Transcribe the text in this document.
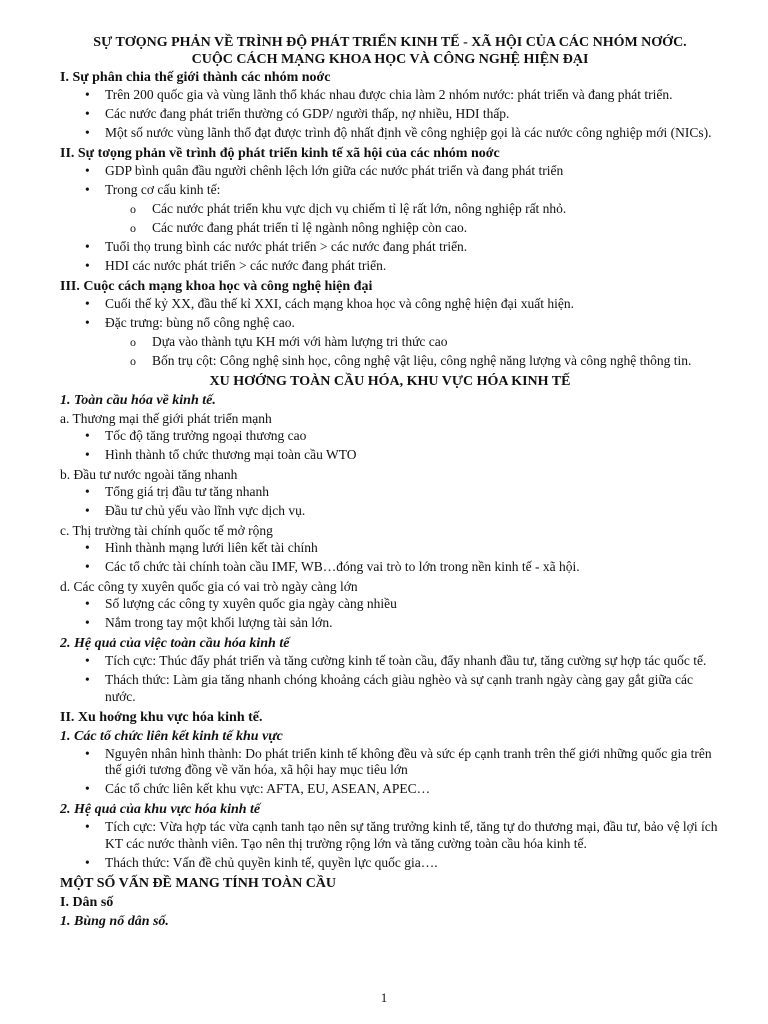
SỰ TƠỌNG PHẢN VỀ TRÌNH ĐỘ PHÁT TRIỂN KINH TẾ - XÃ HỘI CỦA CÁC NHÓM NƠỚC.

CUỘC CÁCH MẠNG KHOA HỌC VÀ CÔNG NGHỆ HIỆN ĐẠI

I. Sự phân chia thế giới thành các nhóm noớc

• Trên 200 quốc gia và vùng lãnh thổ khác nhau được chia làm 2 nhóm nước: phát triển và đang phát triển.
• Các nước đang phát triển thường có GDP/ người thấp, nợ nhiều, HDI thấp.
• Một số nước vùng lãnh thổ đạt được trình độ nhất định về công nghiệp gọi là các nước công nghiệp mới (NICs).

II. Sự tơọng phản về trình độ phát triển kinh tế xã hội của các nhóm noớc

• GDP bình quân đầu người chênh lệch lớn giữa các nước phát triển và đang phát triển
• Trong cơ cấu kinh tế:
o Các nước phát triển khu vực dịch vụ chiếm tỉ lệ rất lớn, nông nghiệp rất nhỏ.
o Các nước đang phát triển tỉ lệ ngành nông nghiệp còn cao.
• Tuổi thọ trung bình các nước phát triển > các nước đang phát triển.
• HDI các nước phát triển > các nước đang phát triển.

III. Cuộc cách mạng khoa học và công nghệ hiện đại

• Cuối thế kỷ XX, đầu thế kỉ XXI, cách mạng khoa học và công nghệ hiện đại xuất hiện.
• Đặc trưng: bùng nổ công nghệ cao.
o Dựa vào thành tựu KH mới với hàm lượng tri thức cao
o Bốn trụ cột: Công nghệ sinh học, công nghệ vật liệu, công nghệ năng lượng và công nghệ thông tin.

XU HƠỚNG TOÀN CẦU HÓA, KHU VỰC HÓA KINH TẾ

1. Toàn cầu hóa về kinh tế.

a. Thương mại thế giới phát triển mạnh

• Tốc độ tăng trưởng ngoại thương cao
• Hình thành tổ chức thương mại toàn cầu WTO

b. Đầu tư nước ngoài tăng nhanh

• Tổng giá trị đầu tư tăng nhanh
• Đầu tư chủ yếu vào lĩnh vực dịch vụ.

c. Thị trường tài chính quốc tế mở rộng

• Hình thành mạng lưới liên kết tài chính
• Các tổ chức tài chính toàn cầu IMF, WB…đóng vai trò to lớn trong nền kinh tế - xã hội.

d. Các công ty xuyên quốc gia có vai trò ngày càng lớn

• Số lượng các công ty xuyên quốc gia ngày càng nhiều
• Nắm trong tay một khối lượng tài sản lớn.

2. Hệ quả của việc toàn cầu hóa kinh tế

• Tích cực: Thúc đẩy phát triển và tăng cường kinh tế toàn cầu, đẩy nhanh đầu tư, tăng cường sự hợp tác quốc tế.
• Thách thức: Làm gia tăng nhanh chóng khoảng cách giàu nghèo và sự cạnh tranh ngày càng gay gắt giữa các nước.

II. Xu hoớng khu vực hóa kinh tế.

1. Các tổ chức liên kết kinh tế khu vực

• Nguyên nhân hình thành: Do phát triển kinh tế không đều và sức ép cạnh tranh trên thế giới những quốc gia trên thế giới tương đồng về văn hóa, xã hội hay mục tiêu lớn
• Các tổ chức liên kết khu vực: AFTA, EU, ASEAN, APEC…

2. Hệ quả của khu vực hóa kinh tế

• Tích cực: Vừa hợp tác vừa cạnh tanh tạo nên sự tăng trưởng kinh tế, tăng tự do thương mại, đầu tư, bảo vệ lợi ích KT các nước thành viên. Tạo nên thị trường rộng lớn và tăng cường toàn cầu hóa kinh tế.
• Thách thức: Vấn đề chủ quyền kinh tế, quyền lực quốc gia….

MỘT SỐ VẤN ĐỀ MANG TÍNH TOÀN CẦU

I. Dân số

1. Bùng nổ dân số.

1
